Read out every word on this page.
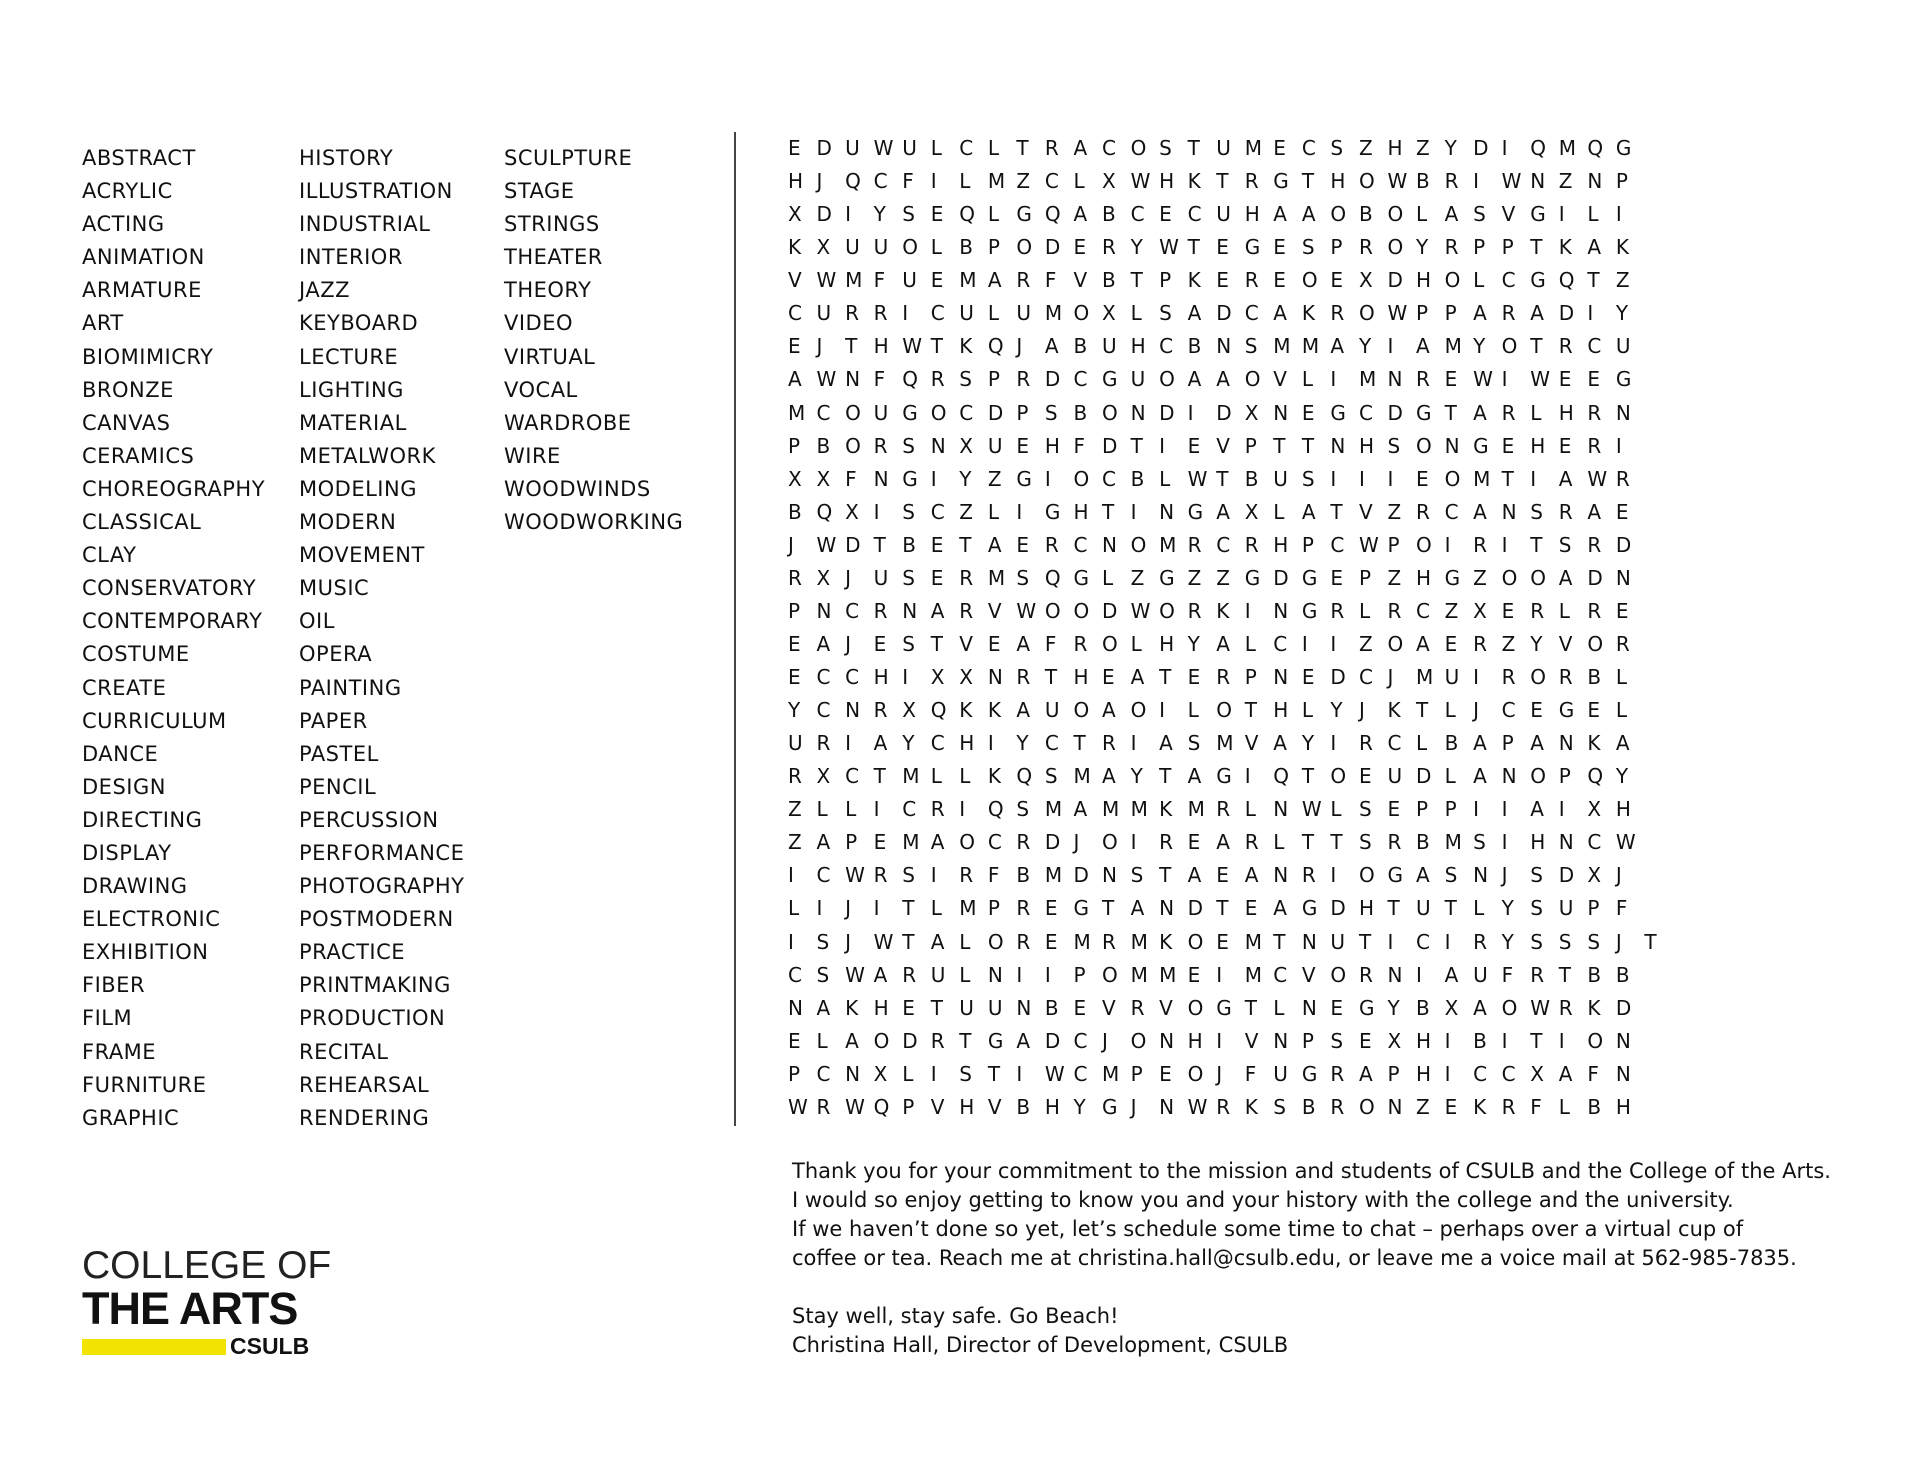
ABSTRACT
ACRYLIC
ACTING
ANIMATION
ARMATURE
ART
BIOMIMICRY
BRONZE
CANVAS
CERAMICS
CHOREOGRAPHY
CLASSICAL
CLAY
CONSERVATORY
CONTEMPORARY
COSTUME
CREATE
CURRICULUM
DANCE
DESIGN
DIRECTING
DISPLAY
DRAWING
ELECTRONIC
EXHIBITION
FIBER
FILM
FRAME
FURNITURE
GRAPHIC
HISTORY
ILLUSTRATION
INDUSTRIAL
INTERIOR
JAZZ
KEYBOARD
LECTURE
LIGHTING
MATERIAL
METALWORK
MODELING
MODERN
MOVEMENT
MUSIC
OIL
OPERA
PAINTING
PAPER
PASTEL
PENCIL
PERCUSSION
PERFORMANCE
PHOTOGRAPHY
POSTMODERN
PRACTICE
PRINTMAKING
PRODUCTION
RECITAL
REHEARSAL
RENDERING
SCULPTURE
STAGE
STRINGS
THEATER
THEORY
VIDEO
VIRTUAL
VOCAL
WARDROBE
WIRE
WOODWINDS
WOODWORKING
E D U W U L C L T R A C O S T U M E C S Z H Z Y D I Q M Q G
H J Q C F I L M Z C L X W H K T R G T H O W B R I W N Z N P
X D I Y S E Q L G Q A B C E C U H A A O B O L A S V G I L I
K X U U O L B P O D E R Y W T E G E S P R O Y R P P T K A K
V W M F U E M A R F V B T P K E R E O E X D H O L C G Q T Z
C U R R I C U L U M O X L S A D C A K R O W P P A R A D I Y
E J T H W T K Q J A B U H C B N S M M A Y I A M Y O T R C U
A W N F Q R S P R D C G U O A A O V L I M N R E W I W E E G
M C O U G O C D P S B O N D I D X N E G C D G T A R L H R N
P B O R S N X U E H F D T I E V P T T N H S O N G E H E R I
X X F N G I Y Z G I O C B L W T B U S I I I E O M T I A W R
B Q X I S C Z L I G H T I N G A X L A T V Z R C A N S R A E
J W D T B E T A E R C N O M R C R H P C W P O I R I T S R D
R X J U S E R M S Q G L Z G Z Z G D G E P Z H G Z O O A D N
P N C R N A R V W O O D W O R K I N G R L R C Z X E R L R E
E A J E S T V E A F R O L H Y A L C I I Z O A E R Z Y V O R
E C C H I X X N R T H E A T E R P N E D C J M U I R O R B L
Y C N R X Q K K A U O A O I L O T H L Y J K T L J C E G E L
U R I A Y C H I Y C T R I A S M V A Y I R C L B A P A N K A
R X C T M L L K Q S M A Y T A G I Q T O E U D L A N O P Q Y
Z L L I C R I Q S M A M M K M R L N W L S E P P I I A I X H
Z A P E M A O C R D J O I R E A R L T T S R B M S I H N C W
I C W R S I R F B M D N S T A E A N R I O G A S N J S D X J
L I J I T L M P R E G T A N D T E A G D H T U T L Y S U P F
I S J W T A L O R E M R M K O E M T N U T I C I R Y S S S J T
C S W A R U L N I I P O M M E I M C V O R N I A U F R T B B
N A K H E T U U N B E V R V O G T L N E G Y B X A O W R K D
E L A O D R T G A D C J O N H I V N P S E X H I B I T I O N
P C N X L I S T I W C M P E O J F U G R A P H I C C X A F N
W R W Q P V H V B H Y G J N W R K S B R O N Z E K R F L B H
Thank you for your commitment to the mission and students of CSULB and the College of the Arts.
I would so enjoy getting to know you and your history with the college and the university.
If we haven’t done so yet, let’s schedule some time to chat – perhaps over a virtual cup of
coffee or tea. Reach me at christina.hall@csulb.edu, or leave me a voice mail at 562-985-7835.
Stay well, stay safe. Go Beach!
Christina Hall, Director of Development, CSULB
COLLEGE OF
THE ARTS
CSULB
